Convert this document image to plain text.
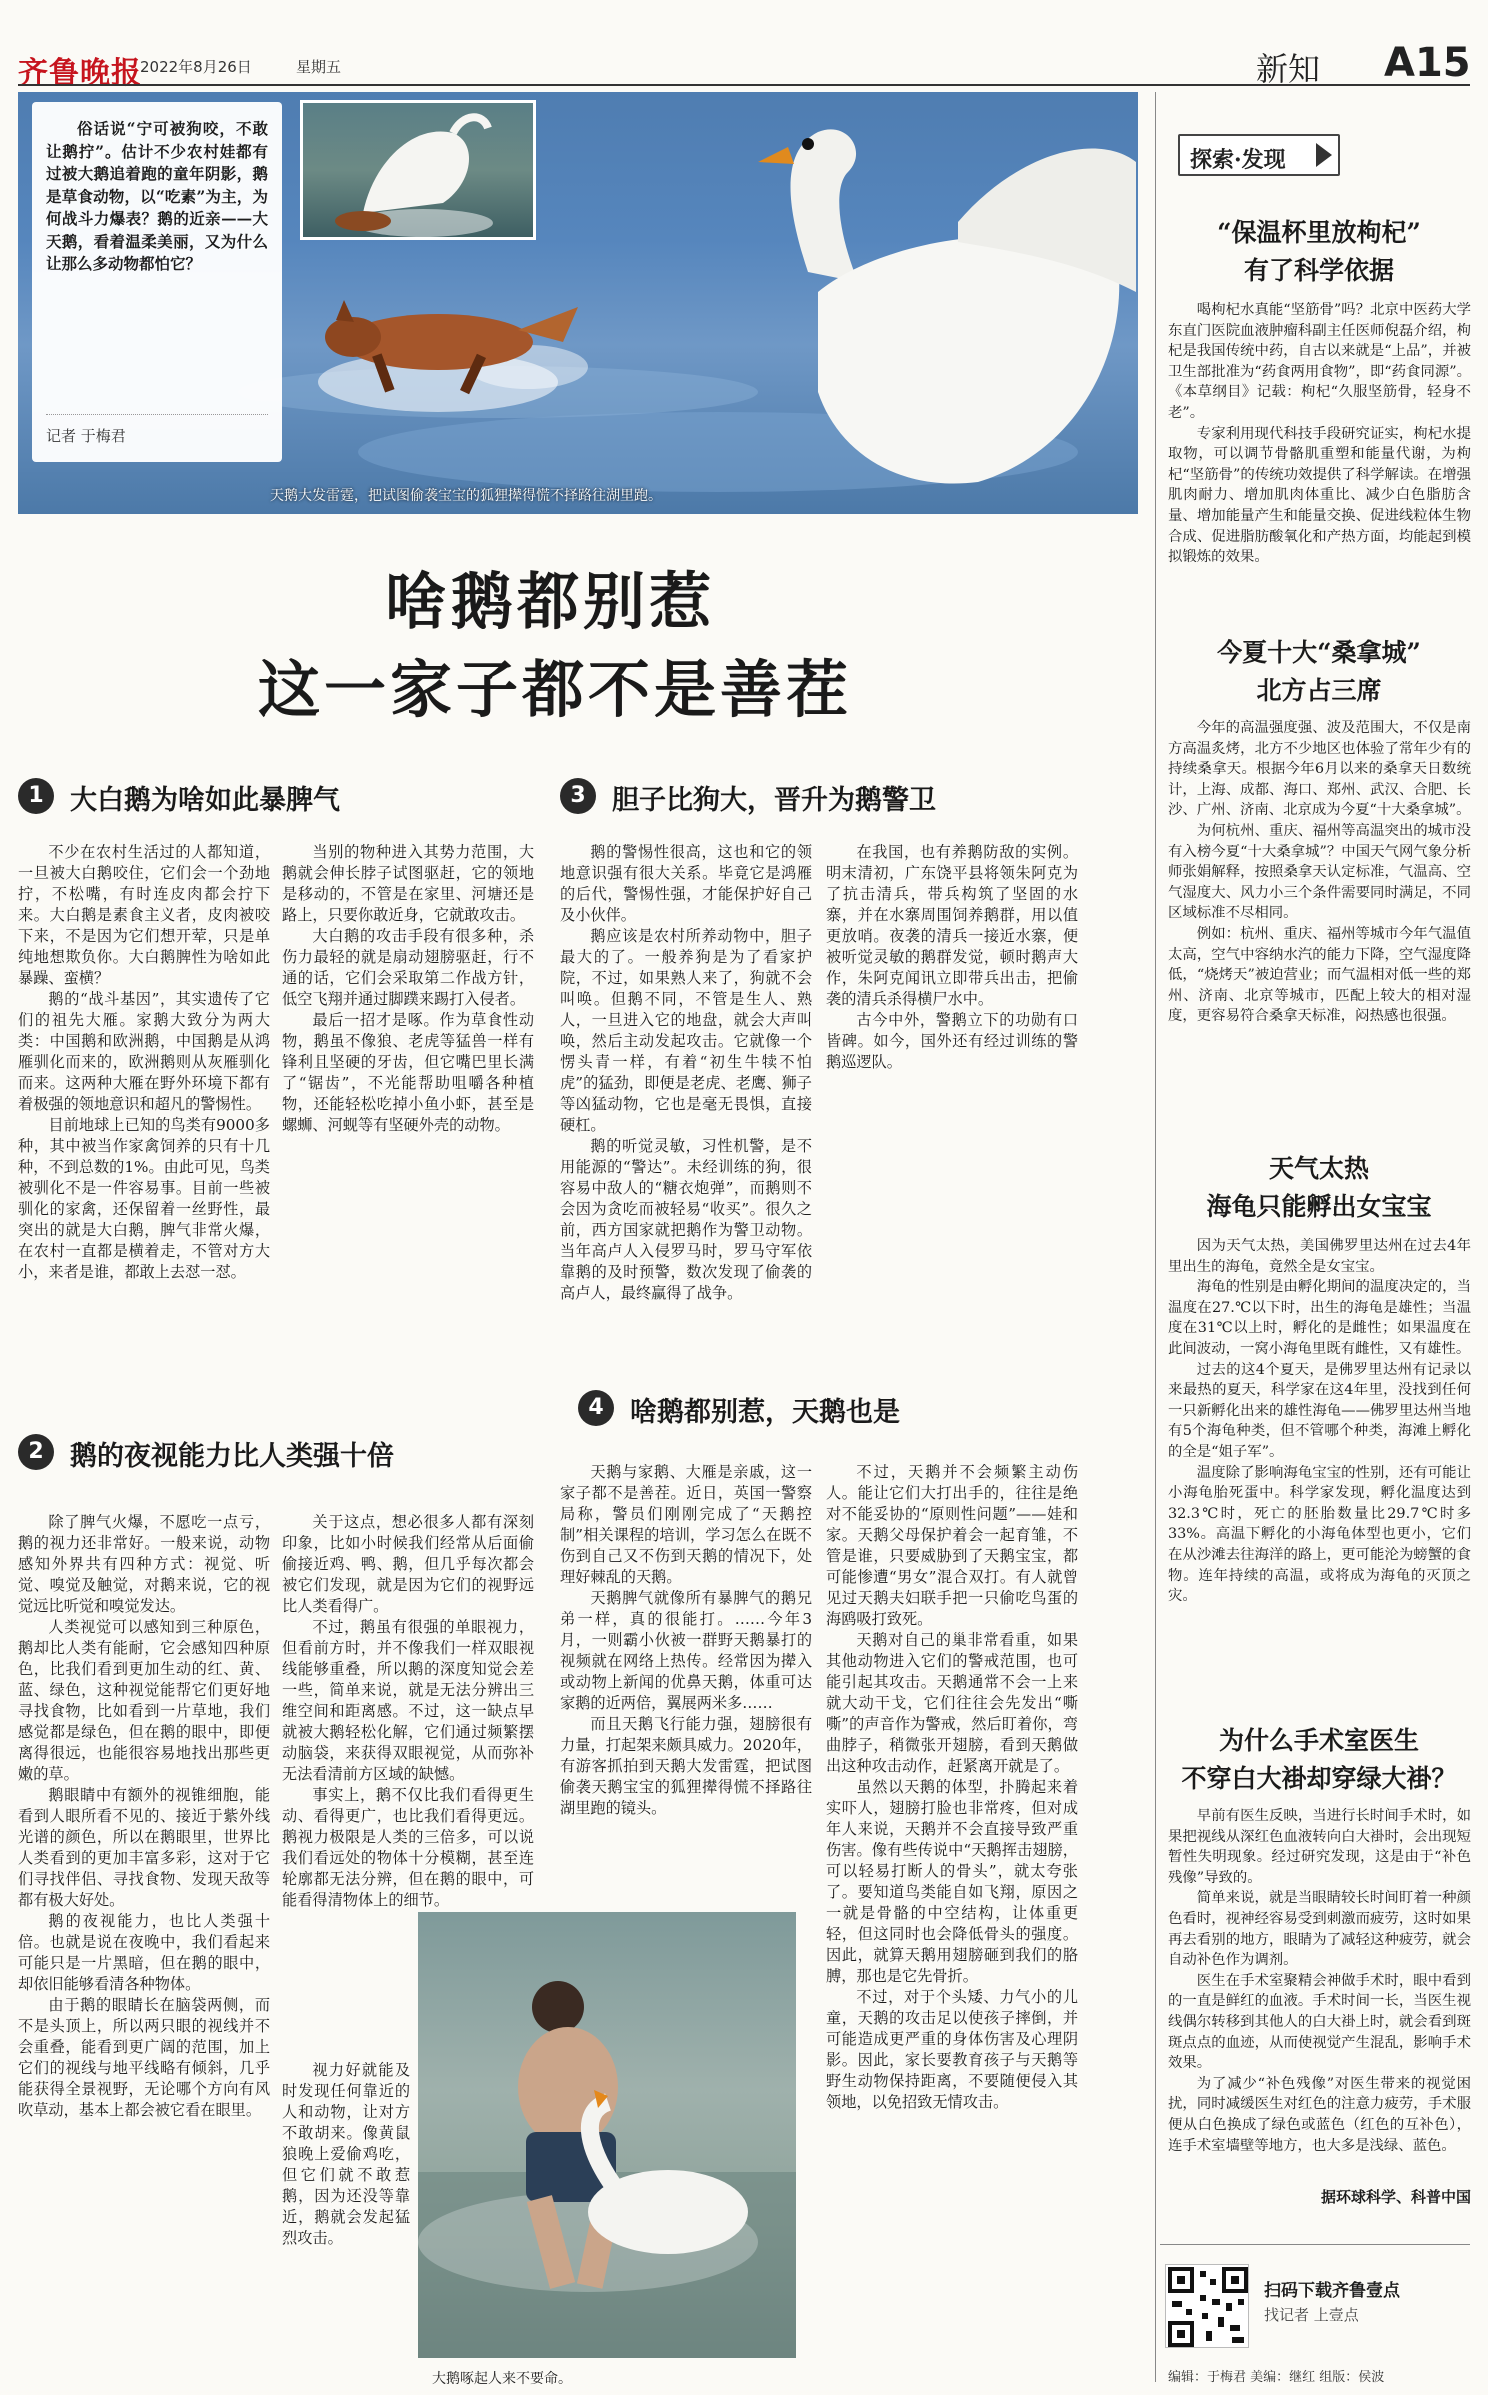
齐鲁晚报
2022年8月26日	星期五	新知 A15
俗话说“宁可被狗咬，不敢让鹅拧”。估计不少农村娃都有过被大鹅追着跑的童年阴影，鹅是草食动物，以“吃素”为主，为何战斗力爆表？鹅的近亲——大天鹅，看着温柔美丽，又为什么让那么多动物都怕它？
记者 于梅君
天鹅大发雷霆，把试图偷袭宝宝的狐狸撵得慌不择路往湖里跑。
啥鹅都别惹
这一家子都不是善茬
1 大白鹅为啥如此暴脾气

不少在农村生活过的人都知道，一旦被大白鹅咬住，它们会一个劲地拧，不松嘴，有时连皮肉都会拧下来。大白鹅是素食主义者，皮肉被咬下来，不是因为它们想开荤，只是单纯地想欺负你。大白鹅脾性为啥如此暴躁、蛮横？

鹅的“战斗基因”，其实遗传了它们的祖先大雁。家鹅大致分为两大类：中国鹅和欧洲鹅，中国鹅是从鸿雁驯化而来的，欧洲鹅则从灰雁驯化而来。这两种大雁在野外环境下都有着极强的领地意识和超凡的警惕性。

目前地球上已知的鸟类有9000多种，其中被当作家禽饲养的只有十几种，不到总数的1%。由此可见，鸟类被驯化不是一件容易事。目前一些被驯化的家禽，还保留着一丝野性，最突出的就是大白鹅，脾气非常火爆，在农村一直都是横着走，不管对方大小，来者是谁，都敢上去怼一怼。

当别的物种进入其势力范围，大鹅就会伸长脖子试图驱赶，它的领地是移动的，不管是在家里、河塘还是路上，只要你敢近身，它就敢攻击。

大白鹅的攻击手段有很多种，杀伤力最轻的就是扇动翅膀驱赶，行不通的话，它们会采取第二作战方针，低空飞翔并通过脚蹼来踢打入侵者。

最后一招才是啄。作为草食性动物，鹅虽不像狼、老虎等猛兽一样有锋利且坚硬的牙齿，但它嘴巴里长满了“锯齿”，不光能帮助咀嚼各种植物，还能轻松吃掉小鱼小虾，甚至是螺蛳、河蚬等有坚硬外壳的动物。

2 鹅的夜视能力比人类强十倍

除了脾气火爆，不愿吃一点亏，鹅的视力还非常好。一般来说，动物感知外界共有四种方式：视觉、听觉、嗅觉及触觉，对鹅来说，它的视觉远比听觉和嗅觉发达。

人类视觉可以感知到三种原色，鹅却比人类有能耐，它会感知四种原色，比我们看到更加生动的红、黄、蓝、绿色，这种视觉能帮它们更好地寻找食物，比如看到一片草地，我们感觉都是绿色，但在鹅的眼中，即便离得很远，也能很容易地找出那些更嫩的草。

鹅眼睛中有额外的视锥细胞，能看到人眼所看不见的、接近于紫外线光谱的颜色，所以在鹅眼里，世界比人类看到的更加丰富多彩，这对于它们寻找伴侣、寻找食物、发现天敌等都有极大好处。

鹅的夜视能力，也比人类强十倍。也就是说在夜晚中，我们看起来可能只是一片黑暗，但在鹅的眼中，却依旧能够看清各种物体。

由于鹅的眼睛长在脑袋两侧，而不是头顶上，所以两只眼的视线并不会重叠，能看到更广阔的范围，加上它们的视线与地平线略有倾斜，几乎能获得全景视野，无论哪个方向有风吹草动，基本上都会被它看在眼里。

关于这点，想必很多人都有深刻印象，比如小时候我们经常从后面偷偷接近鸡、鸭、鹅，但几乎每次都会被它们发现，就是因为它们的视野远比人类看得广。

不过，鹅虽有很强的单眼视力，但看前方时，并不像我们一样双眼视线能够重叠，所以鹅的深度知觉会差一些，简单来说，就是无法分辨出三维空间和距离感。不过，这一缺点早就被大鹅轻松化解，它们通过频繁摆动脑袋，来获得双眼视觉，从而弥补无法看清前方区域的缺憾。

事实上，鹅不仅比我们看得更生动、看得更广，也比我们看得更远。鹅视力极限是人类的三倍多，可以说我们看远处的物体十分模糊，甚至连轮廓都无法分辨，但在鹅的眼中，可能看得清物体上的细节。

视力好就能及时发现任何靠近的人和动物，让对方不敢胡来。像黄鼠狼晚上爱偷鸡吃，但它们就不敢惹鹅，因为还没等靠近，鹅就会发起猛烈攻击。

3 胆子比狗大，晋升为鹅警卫

鹅的警惕性很高，这也和它的领地意识强有很大关系。毕竟它是鸿雁的后代，警惕性强，才能保护好自己及小伙伴。

鹅应该是农村所养动物中，胆子最大的了。一般养狗是为了看家护院，不过，如果熟人来了，狗就不会叫唤。但鹅不同，不管是生人、熟人，一旦进入它的地盘，就会大声叫唤，然后主动发起攻击。它就像一个愣头青一样，有着“初生牛犊不怕虎”的猛劲，即便是老虎、老鹰、狮子等凶猛动物，它也是毫无畏惧，直接硬杠。

鹅的听觉灵敏，习性机警，是不用能源的“警达”。未经训练的狗，很容易中敌人的“糖衣炮弹”，而鹅则不会因为贪吃而被轻易“收买”。很久之前，西方国家就把鹅作为警卫动物。当年高卢人入侵罗马时，罗马守军依靠鹅的及时预警，数次发现了偷袭的高卢人，最终赢得了战争。

在我国，也有养鹅防敌的实例。明末清初，广东饶平县将领朱阿克为了抗击清兵，带兵构筑了坚固的水寨，并在水寨周围饲养鹅群，用以值更放哨。夜袭的清兵一接近水寨，便被听觉灵敏的鹅群发觉，顿时鹅声大作，朱阿克闻讯立即带兵出击，把偷袭的清兵杀得横尸水中。

古今中外，警鹅立下的功勋有口皆碑。如今，国外还有经过训练的警鹅巡逻队。

4 啥鹅都别惹，天鹅也是

天鹅与家鹅、大雁是亲戚，这一家子都不是善茬。近日，英国一警察局称，警员们刚刚完成了“天鹅控制”相关课程的培训，学习怎么在既不伤到自己又不伤到天鹅的情况下，处理好棘乱的天鹅。

天鹅脾气就像所有暴脾气的鹅兄弟一样，真的很能打。……今年3月，一则霸小伙被一群野天鹅暴打的视频就在网络上热传。经常因为撵入或动物上新闻的优鼻天鹅，体重可达家鹅的近两倍，翼展两米多……

而且天鹅飞行能力强，翅膀很有力量，打起架来颇具威力。2020年，有游客抓拍到天鹅大发雷霆，把试图偷袭天鹅宝宝的狐狸撵得慌不择路往湖里跑的镜头。

不过，天鹅并不会频繁主动伤人。能让它们大打出手的，往往是绝对不能妥协的“原则性问题”——娃和家。天鹅父母保护着会一起育雏，不管是谁，只要威胁到了天鹅宝宝，都可能惨遭“男女”混合双打。有人就曾见过天鹅夫妇联手把一只偷吃鸟蛋的海鸥吸打致死。

天鹅对自己的巢非常看重，如果其他动物进入它们的警戒范围，也可能引起其攻击。天鹅通常不会一上来就大动干戈，它们往往会先发出“嘶嘶”的声音作为警戒，然后盯着你，弯曲脖子，稍微张开翅膀，看到天鹅做出这种攻击动作，赶紧离开就是了。

虽然以天鹅的体型，扑腾起来着实吓人，翅膀打脸也非常疼，但对成年人来说，天鹅并不会直接导致严重伤害。像有些传说中“天鹅挥击翅膀，可以轻易打断人的骨头”，就太夸张了。要知道鸟类能自如飞翔，原因之一就是骨骼的中空结构，让体重更轻，但这同时也会降低骨头的强度。因此，就算天鹅用翅膀砸到我们的胳膊，那也是它先骨折。

不过，对于个头矮、力气小的儿童，天鹅的攻击足以使孩子摔倒，并可能造成更严重的身体伤害及心理阴影。因此，家长要教育孩子与天鹅等野生动物保持距离，不要随便侵入其领地，以免招致无情攻击。

大鹅啄起人来不要命。
探索·发现
“保温杯里放枸杞”
有了科学依据

喝枸杞水真能“坚筋骨”吗？北京中医药大学东直门医院血液肿瘤科副主任医师倪磊介绍，枸杞是我国传统中药，自古以来就是“上品”，并被卫生部批准为“药食两用食物”，即“药食同源”。《本草纲目》记载：枸杞“久服坚筋骨，轻身不老”。

专家利用现代科技手段研究证实，枸杞水提取物，可以调节骨骼肌重塑和能量代谢，为枸杞“坚筋骨”的传统功效提供了科学解读。在增强肌肉耐力、增加肌肉体重比、减少白色脂肪含量、增加能量产生和能量交换、促进线粒体生物合成、促进脂肪酸氧化和产热方面，均能起到模拟锻炼的效果。

今夏十大“桑拿城”
北方占三席

今年的高温强度强、波及范围大，不仅是南方高温炙烤，北方不少地区也体验了常年少有的持续桑拿天。根据今年6月以来的桑拿天日数统计，上海、成都、海口、郑州、武汉、合肥、长沙、广州、济南、北京成为今夏“十大桑拿城”。

为何杭州、重庆、福州等高温突出的城市没有入榜今夏“十大桑拿城”？中国天气网气象分析师张娟解释，按照桑拿天认定标准，气温高、空气湿度大、风力小三个条件需要同时满足，不同区域标准不尽相同。

例如：杭州、重庆、福州等城市今年气温值太高，空气中容纳水汽的能力下降，空气湿度降低，“烧烤天”被迫营业；而气温相对低一些的郑州、济南、北京等城市，匹配上较大的相对湿度，更容易符合桑拿天标准，闷热感也很强。

天气太热
海龟只能孵出女宝宝

因为天气太热，美国佛罗里达州在过去4年里出生的海龟，竟然全是女宝宝。

海龟的性别是由孵化期间的温度决定的，当温度在27.℃以下时，出生的海龟是雄性；当温度在31℃以上时，孵化的是雌性；如果温度在此间波动，一窝小海龟里既有雌性，又有雄性。

过去的这4个夏天，是佛罗里达州有记录以来最热的夏天，科学家在这4年里，没找到任何一只新孵化出来的雄性海龟——佛罗里达州当地有5个海龟种类，但不管哪个种类，海滩上孵化的全是“姐子军”。

温度除了影响海龟宝宝的性别，还有可能让小海龟胎死蛋中。科学家发现，孵化温度达到32.3℃时，死亡的胚胎数量比29.7℃时多33%。高温下孵化的小海龟体型也更小，它们在从沙滩去往海洋的路上，更可能沦为螃蟹的食物。连年持续的高温，或将成为海龟的灭顶之灾。

为什么手术室医生
不穿白大褂却穿绿大褂？

早前有医生反映，当进行长时间手术时，如果把视线从深红色血液转向白大褂时，会出现短暂性失明现象。经过研究发现，这是由于“补色残像”导致的。

简单来说，就是当眼睛较长时间盯着一种颜色看时，视神经容易受到刺激而疲劳，这时如果再去看别的地方，眼睛为了减轻这种疲劳，就会自动补色作为调剂。

医生在手术室聚精会神做手术时，眼中看到的一直是鲜红的血液。手术时间一长，当医生视线偶尔转移到其他人的白大褂上时，就会看到斑斑点点的血迹，从而使视觉产生混乱，影响手术效果。

为了减少“补色残像”对医生带来的视觉困扰，同时减缓医生对红色的注意力疲劳，手术服便从白色换成了绿色或蓝色（红色的互补色），连手术室墙壁等地方，也大多是浅绿、蓝色。

据环球科学、科普中国
扫码下载齐鲁壹点
找记者 上壹点
编辑：于梅君 美编：继红 组版：侯波
